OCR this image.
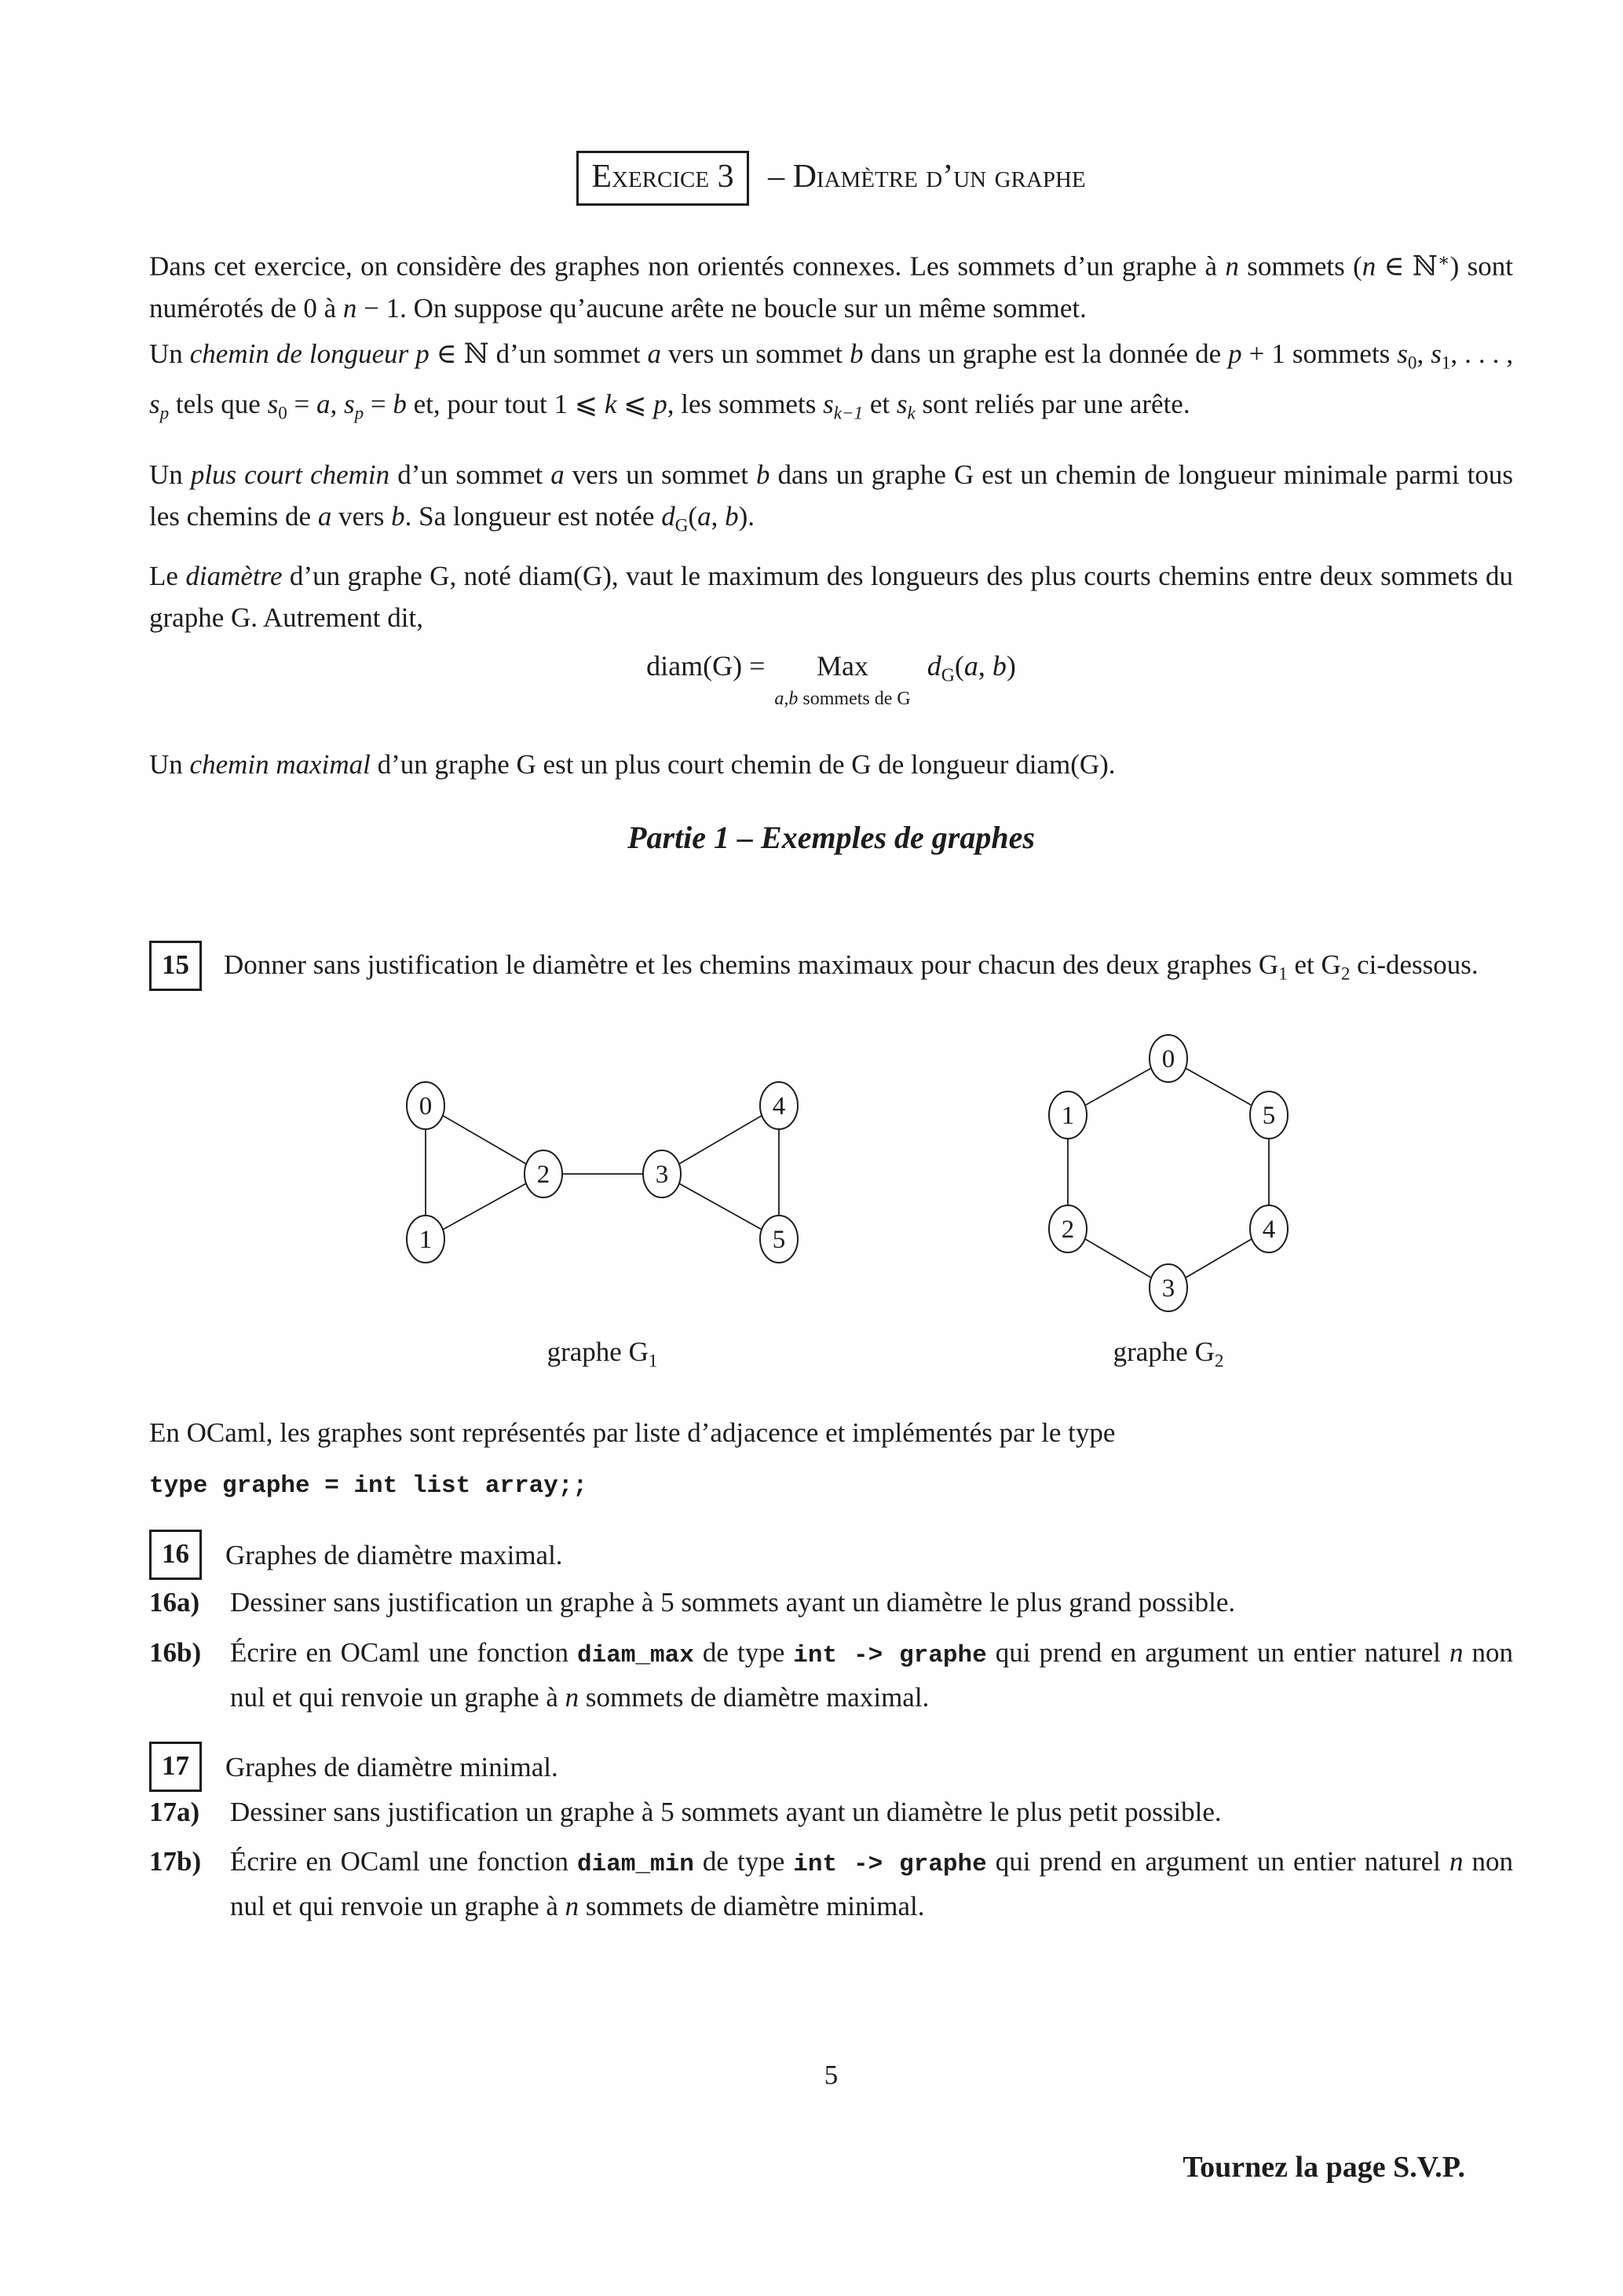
Exercice 3 – Diamètre d’un graphe

Dans cet exercice, on considère des graphes non orientés connexes. Les sommets d’un graphe à n sommets (n ∈ ℕ∗) sont numérotés de 0 à n − 1. On suppose qu’aucune arête ne boucle sur un même sommet.

Un chemin de longueur p ∈ ℕ d’un sommet a vers un sommet b dans un graphe est la donnée de p + 1 sommets $s_0$, $s_1$, . . . , $s_p$ tels que $s_0 = a$, $s_p = b$ et, pour tout 1 ⩽ k ⩽ p, les sommets $s_{k-1}$ et $s_k$ sont reliés par une arête.

Un plus court chemin d’un sommet a vers un sommet b dans un graphe G est un chemin de longueur minimale parmi tous les chemins de a vers b. Sa longueur est notée $d_G(a$, b).

Le diamètre d’un graphe G, noté diam(G), vaut le maximum des longueurs des plus courts chemins entre deux sommets du graphe G. Autrement dit,

diam(G) = Max
a,b sommets de G
$d_G(a$, b)

Un chemin maximal d’un graphe G est un plus court chemin de G de longueur diam(G).

Partie 1 – Exemples de graphes

15 Donner sans justification le diamètre et les chemins maximaux pour chacun des deux graphes $G_1$ et $G_2$ ci-dessous.

0
1
2	3
4
5
graphe $G_1$
0
1
2
3
4
5
graphe $G_2$

En OCaml, les graphes sont représentés par liste d’adjacence et implémentés par le type

type graphe = int list array;;

16	Graphes de diamètre maximal.
16a)	Dessiner sans justification un graphe à 5 sommets ayant un diamètre le plus grand possible.
16b)	Écrire en OCaml une fonction diam_max de type int -> graphe qui prend en argument un entier naturel n non nul et qui renvoie un graphe à n sommets de diamètre maximal.
17	Graphes de diamètre minimal.
17a)	Dessiner sans justification un graphe à 5 sommets ayant un diamètre le plus petit possible.
17b)	Écrire en OCaml une fonction diam_min de type int -> graphe qui prend en argument un entier naturel n non nul et qui renvoie un graphe à n sommets de diamètre minimal.
5
Tournez la page S.V.P.
